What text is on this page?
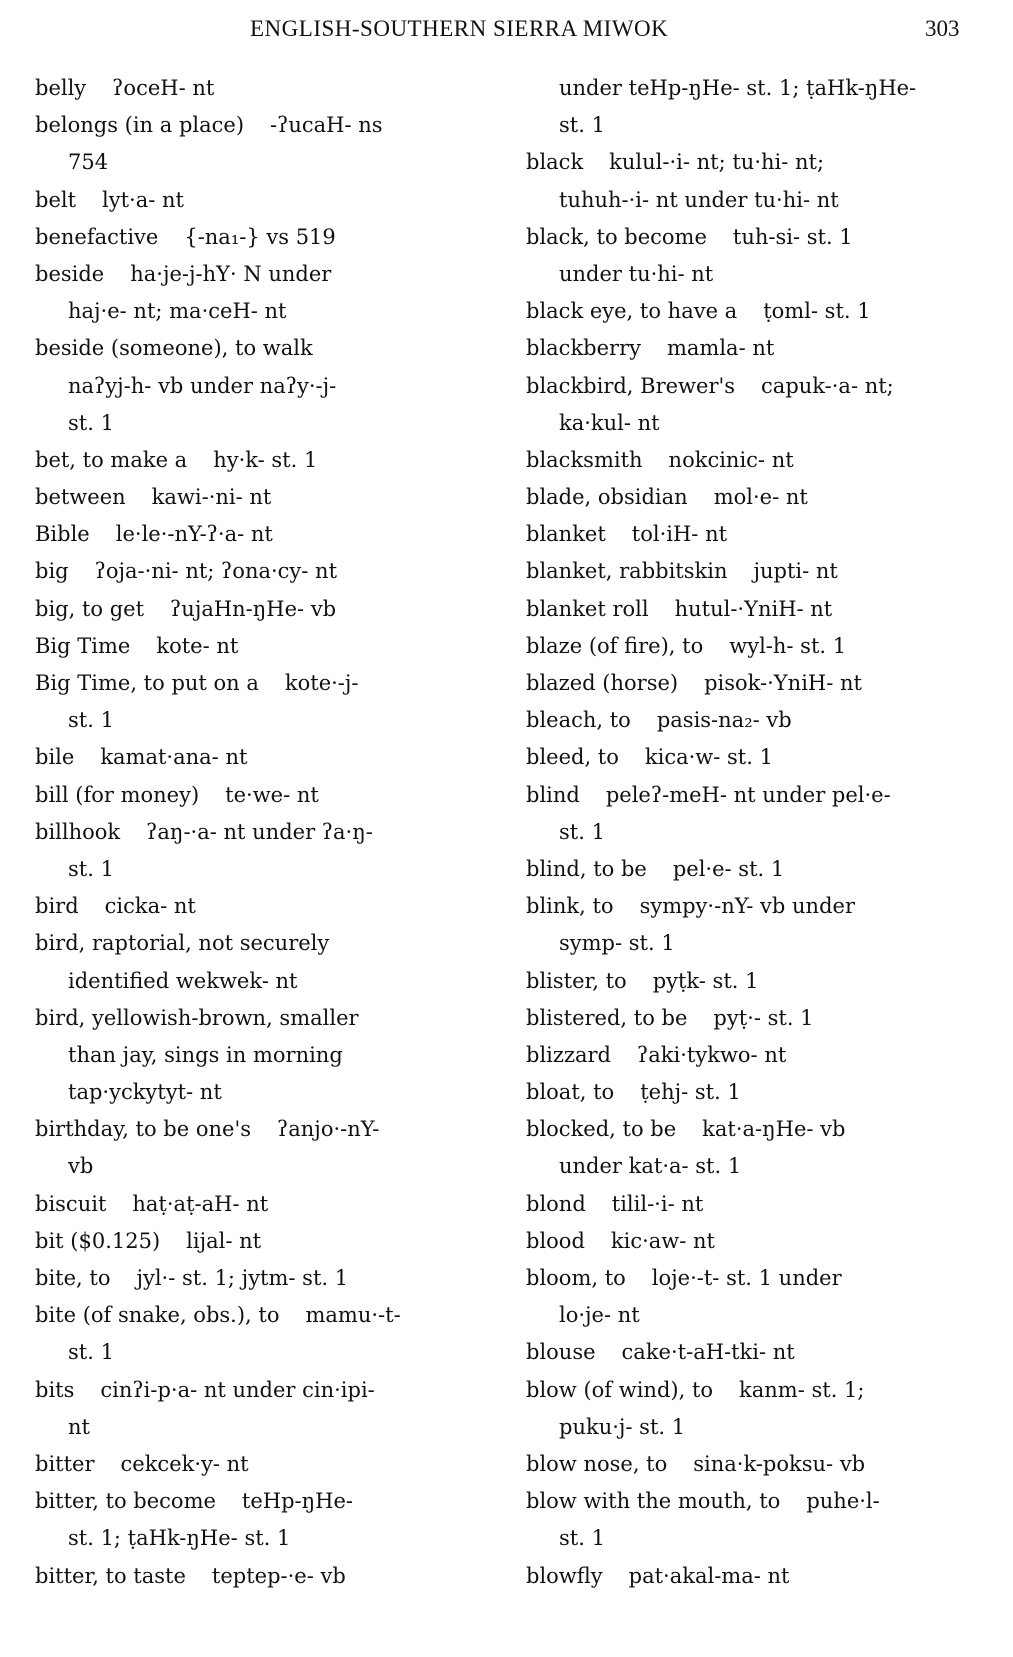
ENGLISH-SOUTHERN SIERRA MIWOK	303
belly ʔoceH- nt
belongs (in a place) -ʔucaH- ns
754
belt lyt·a- nt
benefactive {-na₁-} vs 519
beside ha·je-j-hY· N under
haj·e- nt; ma·ceH- nt
beside (someone), to walk
naʔyj-h- vb under naʔy·-j-
st. 1
bet, to make a hy·k- st. 1
between kawi-·ni- nt
Bible le·le·-nY-ʔ·a- nt
big ʔoja-·ni- nt; ʔona·cy- nt
big, to get ʔujaHn-ŋHe- vb
Big Time kote- nt
Big Time, to put on a kote·-j-
st. 1
bile kamat·ana- nt
bill (for money) te·we- nt
billhook ʔaŋ-·a- nt under ʔa·ŋ-
st. 1
bird cicka- nt
bird, raptorial, not securely
identified wekwek- nt
bird, yellowish-brown, smaller
than jay, sings in morning
tap·yckytyt- nt
birthday, to be one's ʔanjo·-nY-
vb
biscuit haṭ·aṭ-aH- nt
bit ($0.125) lijal- nt
bite, to jyl·- st. 1; jytm- st. 1
bite (of snake, obs.), to mamu·-t-
st. 1
bits cinʔi-p·a- nt under cin·ipi-
nt
bitter cekcek·y- nt
bitter, to become teHp-ŋHe-
st. 1; ṭaHk-ŋHe- st. 1
bitter, to taste teptep-·e- vb
under teHp-ŋHe- st. 1; ṭaHk-ŋHe-
st. 1
black kulul-·i- nt; tu·hi- nt;
tuhuh-·i- nt under tu·hi- nt
black, to become tuh-si- st. 1
under tu·hi- nt
black eye, to have a ṭoml- st. 1
blackberry mamla- nt
blackbird, Brewer's capuk-·a- nt;
ka·kul- nt
blacksmith nokcinic- nt
blade, obsidian mol·e- nt
blanket tol·iH- nt
blanket, rabbitskin jupti- nt
blanket roll hutul-·YniH- nt
blaze (of fire), to wyl-h- st. 1
blazed (horse) pisok-·YniH- nt
bleach, to pasis-na₂- vb
bleed, to kica·w- st. 1
blind peleʔ-meH- nt under pel·e-
st. 1
blind, to be pel·e- st. 1
blink, to sympy·-nY- vb under
symp- st. 1
blister, to pyṭk- st. 1
blistered, to be pyṭ·- st. 1
blizzard ʔaki·tykwo- nt
bloat, to ṭehj- st. 1
blocked, to be kat·a-ŋHe- vb
under kat·a- st. 1
blond tilil-·i- nt
blood kic·aw- nt
bloom, to loje·-t- st. 1 under
lo·je- nt
blouse cake·t-aH-tki- nt
blow (of wind), to kanm- st. 1;
puku·j- st. 1
blow nose, to sina·k-poksu- vb
blow with the mouth, to puhe·l-
st. 1
blowfly pat·akal-ma- nt
